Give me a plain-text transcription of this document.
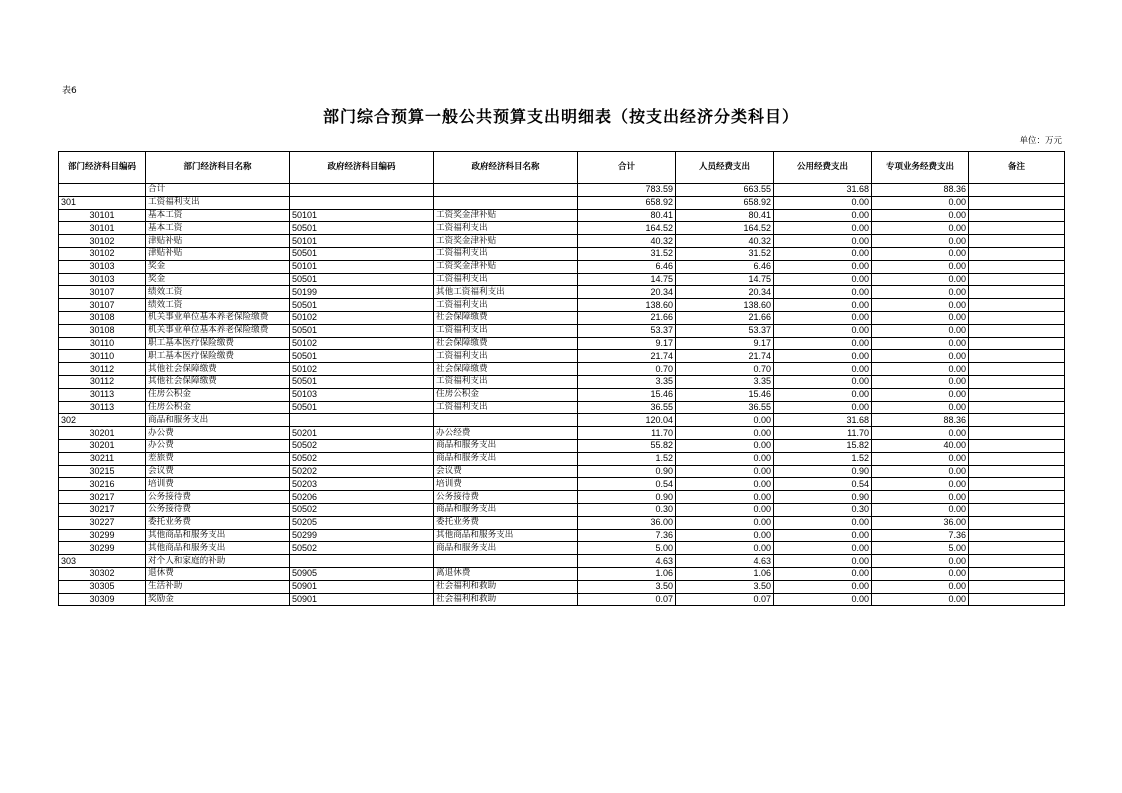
表6
部门综合预算一般公共预算支出明细表（按支出经济分类科目）
单位：万元
部门经济科目编码	部门经济科目名称	政府经济科目编码	政府经济科目名称	合计	人员经费支出	公用经费支出	专项业务经费支出	备注
	合计			783.59	663.55	31.68	88.36	
301	工资福利支出			658.92	658.92	0.00	0.00	
30101	基本工资	50101	工资奖金津补贴	80.41	80.41	0.00	0.00	
30101	基本工资	50501	工资福利支出	164.52	164.52	0.00	0.00	
30102	津贴补贴	50101	工资奖金津补贴	40.32	40.32	0.00	0.00	
30102	津贴补贴	50501	工资福利支出	31.52	31.52	0.00	0.00	
30103	奖金	50101	工资奖金津补贴	6.46	6.46	0.00	0.00	
30103	奖金	50501	工资福利支出	14.75	14.75	0.00	0.00	
30107	绩效工资	50199	其他工资福利支出	20.34	20.34	0.00	0.00	
30107	绩效工资	50501	工资福利支出	138.60	138.60	0.00	0.00	
30108	机关事业单位基本养老保险缴费	50102	社会保障缴费	21.66	21.66	0.00	0.00	
30108	机关事业单位基本养老保险缴费	50501	工资福利支出	53.37	53.37	0.00	0.00	
30110	职工基本医疗保险缴费	50102	社会保障缴费	9.17	9.17	0.00	0.00	
30110	职工基本医疗保险缴费	50501	工资福利支出	21.74	21.74	0.00	0.00	
30112	其他社会保障缴费	50102	社会保障缴费	0.70	0.70	0.00	0.00	
30112	其他社会保障缴费	50501	工资福利支出	3.35	3.35	0.00	0.00	
30113	住房公积金	50103	住房公积金	15.46	15.46	0.00	0.00	
30113	住房公积金	50501	工资福利支出	36.55	36.55	0.00	0.00	
302	商品和服务支出			120.04	0.00	31.68	88.36	
30201	办公费	50201	办公经费	11.70	0.00	11.70	0.00	
30201	办公费	50502	商品和服务支出	55.82	0.00	15.82	40.00	
30211	差旅费	50502	商品和服务支出	1.52	0.00	1.52	0.00	
30215	会议费	50202	会议费	0.90	0.00	0.90	0.00	
30216	培训费	50203	培训费	0.54	0.00	0.54	0.00	
30217	公务接待费	50206	公务接待费	0.90	0.00	0.90	0.00	
30217	公务接待费	50502	商品和服务支出	0.30	0.00	0.30	0.00	
30227	委托业务费	50205	委托业务费	36.00	0.00	0.00	36.00	
30299	其他商品和服务支出	50299	其他商品和服务支出	7.36	0.00	0.00	7.36	
30299	其他商品和服务支出	50502	商品和服务支出	5.00	0.00	0.00	5.00	
303	对个人和家庭的补助			4.63	4.63	0.00	0.00	
30302	退休费	50905	离退休费	1.06	1.06	0.00	0.00	
30305	生活补助	50901	社会福利和救助	3.50	3.50	0.00	0.00	
30309	奖励金	50901	社会福利和救助	0.07	0.07	0.00	0.00	
